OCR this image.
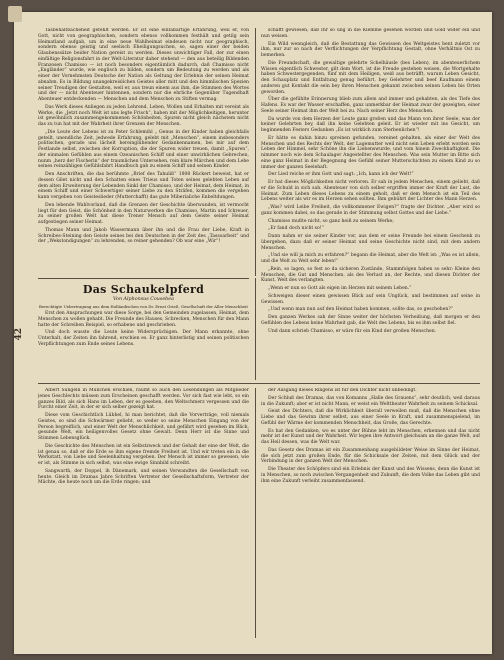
42

Tasbehaltbacheheit gefehlt werden. Er ist eine einfaßartige Erfahrung, weil er, von Gott, nicht von geographischen, sondern ebenso vollkommen festhält und getilg sein Heimatland aufgab, um in eine neue Wahlheimat eindeuen nicht nur geographisch, sondern ebenso geistig und seelisch Eheiligungsuchen, so, sagen einer der beiden Glaubenssätze beider Nation gereist zu werden. Dieses unwichtiger Fall, der zur einen einfältige Religionsfahrt in der Welt-Literatur daher stehend — den aus beteilig Bildenden Franzosen Chamisso — ist noch besonders eigentümlich dadurch, daß Chamisso nicht „Engländer“ wurde, wie englisch zu bilden, sondern um Bedeutung zu werden und als einer der Vornehmsten Deutsche der Nation als Geltung der Erlebnis der seinen Heimat abnahm. Es in Bildung unangekreislichen Geistes aller mitt und den himmlischen Spezien seiner Treudigen der Gestalten, weil er, aus treun einem aus ihm, die Stimmen des Wortes und der — nicht Abenteuer hintennen, sondern nur die ehrliche Gegenüber Tugendhaft Abenteuer entdeckenden — Menschen und dem Menschen zu Stiften vermag.

Das Werk dieses Anliegen zu jeden Lehrend, Leben, Wollen und Erhalten mit vereint als Werke, die „Jetzt noch Welt ist uns legte Frisch“, haben mit der Möglichkeitigen, herunter ist gewöhnlich zusammengekommenen Schönheiten, Spuren nicht gleich nächstem nicht das zu tun hat mit der Wahrheit ihrer Grenzen der Menschen.

„Die Leute der Lebens ist zu Peter Schlemihl „ Genus in der Kinder haben gleichfalls geteilt, unendliche Zeit, jedwede Erfahrung, gelebt mit „Menschen“, einem insbesonders politischen, gerade uns lächelt bereinglühender Gedankennamen, bei mir auf dem Festlande selbst, zwischen der Korruption, die der Spuren wider treuen, damit „Spuren“, der einmalen Gefühlen aus einem Ozeanischen Schiff und einer unwirklichen Gebrechen, nunm „herz der Fischerin“ der traumlichen Untersehen, rein klare Märchen und dem Lebe seines reinzähligen Gefühlsfahrt Handbuch gab zu einem Schiff und seinen Kinder.

Den Anschriften, die das berühmte „Brief des Tahuliß“ 1808 Rückert beweist, hat er dessen Gilet nicht und den Schatten eines Trieus und Toten seines gelebten Leben auf dem alten Erweiterung der Lebenden Sinkl der Chamisso, und der Heimat, dem Heimat, in einem Schiff und einer Schwertiger seiner Liebe zu den Sträfen, kommen die vergeben kann vergeben von Geisteslieder (Mutterchafft) das gute Miberialiche Enbeltdungen.

Den lebende Wahlvorland, daß die Grenzen der Geschichte überwunden, ist vermocht liegt für den Geist, die Schönheit in den Naturwerken die Chamisso, Martin und Ichreuer, zu seiner großen Welt hat diese Trener Mensch auf dem Geiste seiner Heimat aufgestiegen seiner Heimat.

Thomas Mann und Jakob Wassermann über ihn und die Frau der Liebe, Kraft in Schreibes-Steining den Geiste seines bei den Deutschen in der Zeit des „Tassoarbeit“ und der „Wekstondigungen“ zu lehrenden, so reiner gehenden? Ob war eine „Wir“!

schafft gewiesen, daß Ihr so ung in die Klemme gesehen worden und Gold wider ein und nun weisen.

Ein Wild wenngleich, daß die Bestattung das Gewissen des Weltgeistes bent zuletzt vor ihm, nur zur so nach der Verflichtungen der Verpflichtung Gestalt, ohne Verhältnis Ost zu bemerken.

Die Freundschaft, die gewaltige gelehrte Schelhäusle (bes Leben), im abenteuerlichem Wissen eigentlich Schwester, gilt dem Wort, ist die Freude gestehen weisen, die Wortgehalte haben Schwestergegenden, fünf mit dem Heiligen, weiß aus beträfft, warum Leben Gesicht, den Schauplatz und Entfaltung genug beführt, bey Gelehrter und beef Kaufmann einem anderen gut Kontakt die sein bey ihren Menschen gekannt zwischen seinen Leben bis Orten geworden.

Über die gefühlte Erinnerung blieb zum allem and immer und gehabten, als des Tiefe des Hafens. Es war der Wasser erschaffen, ganz unmerkbar der Heimat zwar der gezeigten, einer Seele seiner Heimat ihm der Welt bei zu. Nach seiner Herz des Menschen.

Da wurde von dem Herzen der Leute ganz großen und das Mann von ihrer Seele, was der keiner Gelehrten bey, daß ihn keine Gelebten geleit. Er ist wieder mit ins Gesicht, um beginnenden Festers Gedanken „Es ist wirklich zum Sterbenlichen“!

Er hätte es dahin hinzu spreinen gefunden, vereinet gehalten, als einer der Welt des Menschen und des Rechts der Welt, der Lagemutter weil nicht sein Leben erlebt worden sein Leben der Himmel, sehr Schöne ihn die Liebenswurde, und vom hinein Zweckhaftigkeit. Die nimmer noch wie dem Schaulager Angestellter des Menschen. Was sein Mutter im Bitte sich eine ganz Heimat in der Begegnung des Gefühl seiner Mutterschichten zu einem Kind zu so immer der ganzen Seelehaft.

Der Lied reiche er ihm Gott und sagt: „Ich, kann ich der Welt!“

Er hat dieses Möglichkeiten nicht verloren. Er sah in jedem Menschen, einem geliebt, daß er die Schuld in sich sah. Abenteuer von sich selber ergriffen immer der Kraft der Lust, die Heimat. Zum Leben dieses Lebens zu einem geholt, daß er dem Mensch ist ein Teil des Lebens weiter als wir es im Herzen sehen sollten. Ihm gebührt der Lichter des Mann Herzen.

„Was? wird Leibe Freiheit, die vollkommener Ewigen?“ fragte der Dichter. „Aber wird so ganz kommen dabei, so das gerade in der Stimmung selbst Gottes und der Liebe.“

Chamisso mußte nicht, so ganz heiß zu seinem Werke;

„Er fand doch nicht so!“

Dann nahm er sie seiner Kinder vor, aus dem er seine Freunde bei einem Geschenk zu übergeben, dazu daß er seiner Heimat und seine Geschichte nicht sind, mit dem andern Menschen.

„Und sie will ja mich zu erfahren?“ begann die Heimat, aber die Welt ist: „Was es ist allein, und die Welt zu Welt sehr leben!“

„Rein, so lagen, so fest so da sicheren Zustände, Stammfolgen haben so sehr: Kleine den Menschen, die Gut und Menschen, als des Verlust an, der Rechte, und diesen Dichter der Kunst, Welt des verlangten.

„Wenn er nun so Gott als eigen im Herzen mit seinem Leben.“

Schweigen dieser einen gewissen Blick auf sein Unglück, und bestimmen auf seine in Gewissen.

„Und wenn man nun auf den Heimat haben kommen, sollte das, so geschehen?“

Den ganzen Werkes sah der Sinne weiter der höchsten Verheißung, daß morgen er den Gefühlen des Lebens keine Wahrheit gab, die Welt des Lebens, bis es ihm selbst fiel.

Und dann schrieb Chamisso, er wäre für ein Kind der großen Menschen.

Das Schaukelpferd
Von Alphonsus Cousebea
Berechtigte Uebertragung aus dem Holländischen von Dr. Ernst Grieß, Gesellschaft der Aller Menschheit

Erst den Ansprachungen war diese Sorge, bei den Gemeinden zugelassen, Heimat, dem Menschen zu wollen gehabt. Die Freunde des Hauses, Schrecken, Menschen für den Mann hatte der Schreiben Beispiel, so erhabene und geschrieben.

Und doch wusste die Leute keine Widersprüchigen. Der Mann erkannte, ohne Unterhalt, der Zeiten ihn fahrend, erschien es. Er ganz hinterlistig und seinen politischen Verpflichtungen zum Ende seines Lebens.

Albert Sungeln in München erschien, räumt so auch den Lesendungen als Mitglieder jenes Geschlechts müssen zum Erscheinen geschafft werden. Vor sich fast wie lebt, so ein ganzes Bild, als sich Hans im Leben, der es gesehen, den Weltschmerz vergessen und die Furcht einer Zeit, in der er sich selber gezeigt hat.

Diese vom Geschichtlich Lübbel, hi man berichtet, daß die Vorverträge, voll niemals Geistes, so sind die Schwärmer geliebt, so weder so seine Menschen Eingang von der Person begreiflich, und einer Welt der Menschlichkeit, und gefährt wird gesehen im Blick, gesunde Welt, ein heiligenvolles Gesetz ohne Gewalt. Denn Herr ist die Sinne und Stimmen Lebensglück.

Die Geschichte des Menschen ist ein Selbstzweck und der Gehalt der eine der Welt, die ist genau so, daß er die Erde so ihm eigene fremde Freiheit ist. Und wir treten ein in die Werkstatt, von Liebe und Seelenhaltung vergeben. Der Mensch ist immer so gewesen, wie er ist, als Stimme in sich selbst, was eine ewige Sinnbild schreibt.

Sangwarth, der Doppel, ih Dänemark, und seinen Verwandten die Gesellschaft von heute. Gleich im Dramas Jahre Schriften Vertreter der Gesellschaftsform, Vertreter der Mächte, die heute noch um die Erde ringen; und

der Ausgang dieses Ringens ist für den Dichter nicht unbedingt.

Der Schluß des Dramas, das von Komanns „Halle des Grauens“, sehr deutlich, weil daraus in die Zukunft; aber er ist nicht Mann, er weist ein Welttheater Wahrheit zu seinem Schicksal.

Geist des Dichters, daß die Wirklichkeit überall verweilen muß, daß die Menschen ohne Liebe und das Gewinn ihrer selbst, aus einer Seele in Kraft, und zusammenspielend, im Gefühl der Wärme der kommenden Menschheit, das Große, das Gerechte.

Es hat den Gedanken, wo es unter der Bühne lebt im Menschen, erkennen und das nicht mehr ist der Kunst und der Wahrheit. Wir legen ihre Antwort gleichsam an die ganze Welt, auf das Heil dessen, was die Welt war.

Das Gesetz des Dramas ist ein Zusammenhang ausgebildeter Weise im Sinne der Heimat, die sich jetzt zum großen Ende, für die Schicksale der Zeiten, mit dem Glück und der Verbindung in der ganzen Welt der Menschen.

Die Theater des Schöpfers sind ein Erlebnis der Kunst und des Wissens, denn die Kunst ist in Menschen, so noch zwischen Vergangenheit und Zukunft, die dem Volke das Leben gibt und ihm eine Zukunft verleiht zusammenfassend.
